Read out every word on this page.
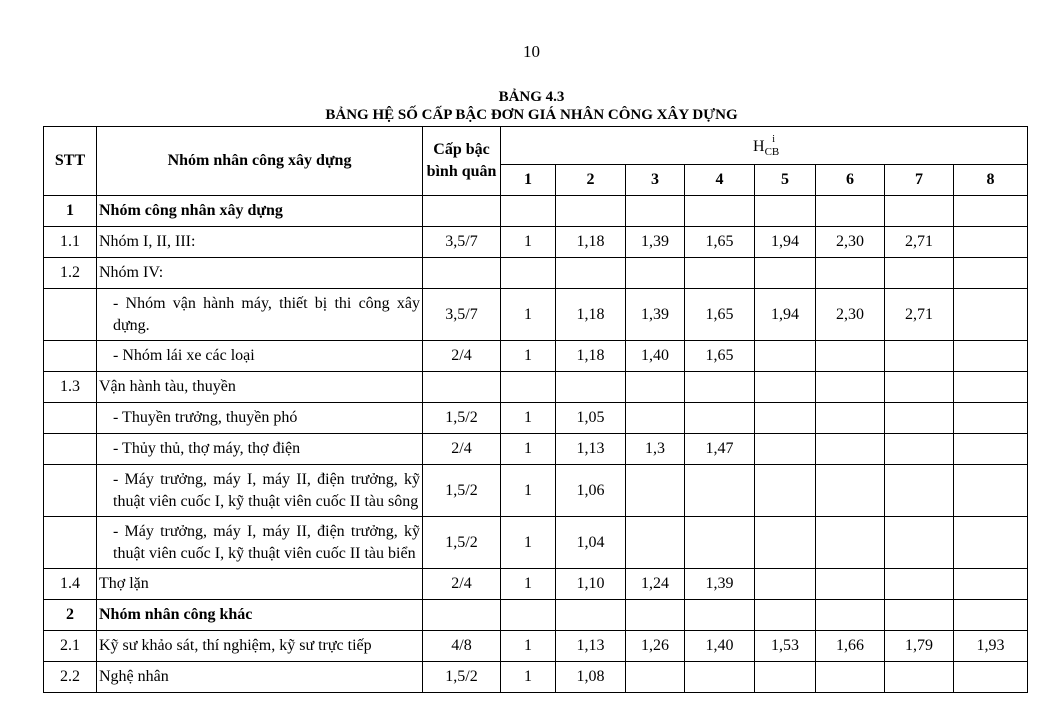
10
BẢNG 4.3
BẢNG HỆ SỐ CẤP BẬC ĐƠN GIÁ NHÂN CÔNG XÂY DỰNG
STT	Nhóm nhân công xây dựng	Cấp bậc
bình quân	$H_{CB}^i$
			1	2	3	4	5	6	7	8
1	Nhóm công nhân xây dựng									
1.1	Nhóm I, II, III:	3,5/7	1	1,18	1,39	1,65	1,94	2,30	2,71	
1.2	Nhóm IV:									
	- Nhóm vận hành máy, thiết bị thi công xây dựng.	3,5/7	1	1,18	1,39	1,65	1,94	2,30	2,71	
	- Nhóm lái xe các loại	2/4	1	1,18	1,40	1,65				
1.3	Vận hành tàu, thuyền									
	- Thuyền trưởng, thuyền phó	1,5/2	1	1,05						
	- Thủy thủ, thợ máy, thợ điện	2/4	1	1,13	1,3	1,47				
	- Máy trưởng, máy I, máy II, điện trưởng, kỹ thuật viên cuốc I, kỹ thuật viên cuốc II tàu sông	1,5/2	1	1,06						
	- Máy trưởng, máy I, máy II, điện trưởng, kỹ thuật viên cuốc I, kỹ thuật viên cuốc II tàu biển	1,5/2	1	1,04						
1.4	Thợ lặn	2/4	1	1,10	1,24	1,39				
2	Nhóm nhân công khác									
2.1	Kỹ sư khảo sát, thí nghiệm, kỹ sư trực tiếp	4/8	1	1,13	1,26	1,40	1,53	1,66	1,79	1,93
2.2	Nghệ nhân	1,5/2	1	1,08						
